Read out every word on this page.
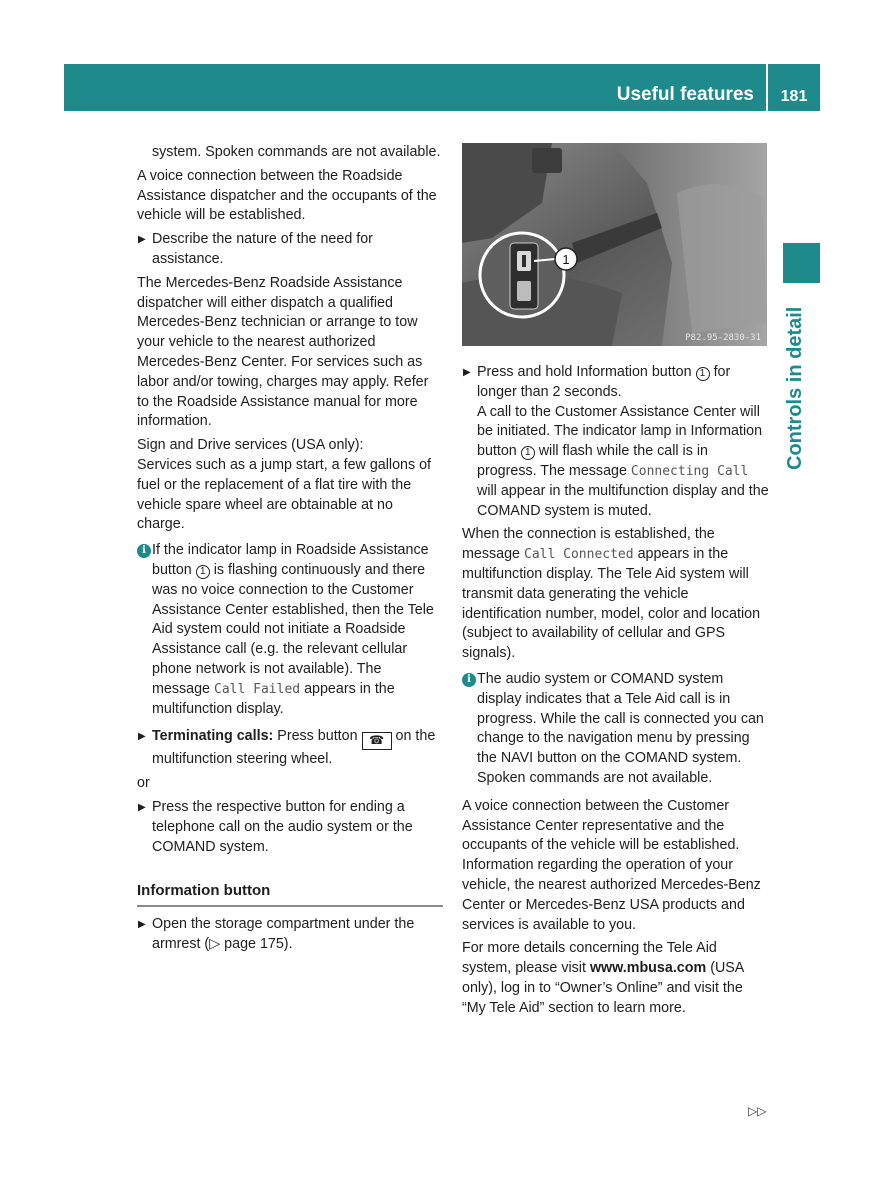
Useful features	181
Controls in detail

system. Spoken commands are not available.

A voice connection between the Roadside Assistance dispatcher and the occupants of the vehicle will be established.

▶ Describe the nature of the need for assistance.

The Mercedes-Benz Roadside Assistance dispatcher will either dispatch a qualified Mercedes-Benz technician or arrange to tow your vehicle to the nearest authorized Mercedes-Benz Center. For services such as labor and/or towing, charges may apply. Refer to the Roadside Assistance manual for more information.

Sign and Drive services (USA only):
Services such as a jump start, a few gallons of fuel or the replacement of a flat tire with the vehicle spare wheel are obtainable at no charge.

i If the indicator lamp in Roadside Assistance button 1 is flashing continuously and there was no voice connection to the Customer Assistance Center established, then the Tele Aid system could not initiate a Roadside Assistance call (e.g. the relevant cellular phone network is not available). The message Call Failed appears in the multifunction display.
▶ Terminating calls: Press button ☎ on the multifunction steering wheel.

or

▶ Press the respective button for ending a telephone call on the audio system or the COMAND system.
Information button
▶ Open the storage compartment under the armrest (▷ page 175).
1
P82.95-2830-31
▶ Press and hold Information button 1 for longer than 2 seconds.
A call to the Customer Assistance Center will be initiated. The indicator lamp in Information button 1 will flash while the call is in progress. The message Connecting Call will appear in the multifunction display and the COMAND system is muted.

When the connection is established, the message Call Connected appears in the multifunction display. The Tele Aid system will transmit data generating the vehicle identification number, model, color and location (subject to availability of cellular and GPS signals).

i The audio system or COMAND system display indicates that a Tele Aid call is in progress. While the call is connected you can change to the navigation menu by pressing the NAVI button on the COMAND system. Spoken commands are not available.

A voice connection between the Customer Assistance Center representative and the occupants of the vehicle will be established. Information regarding the operation of your vehicle, the nearest authorized Mercedes-Benz Center or Mercedes-Benz USA products and services is available to you.

For more details concerning the Tele Aid system, please visit www.mbusa.com (USA only), log in to “Owner’s Online” and visit the “My Tele Aid” section to learn more.

▷▷
